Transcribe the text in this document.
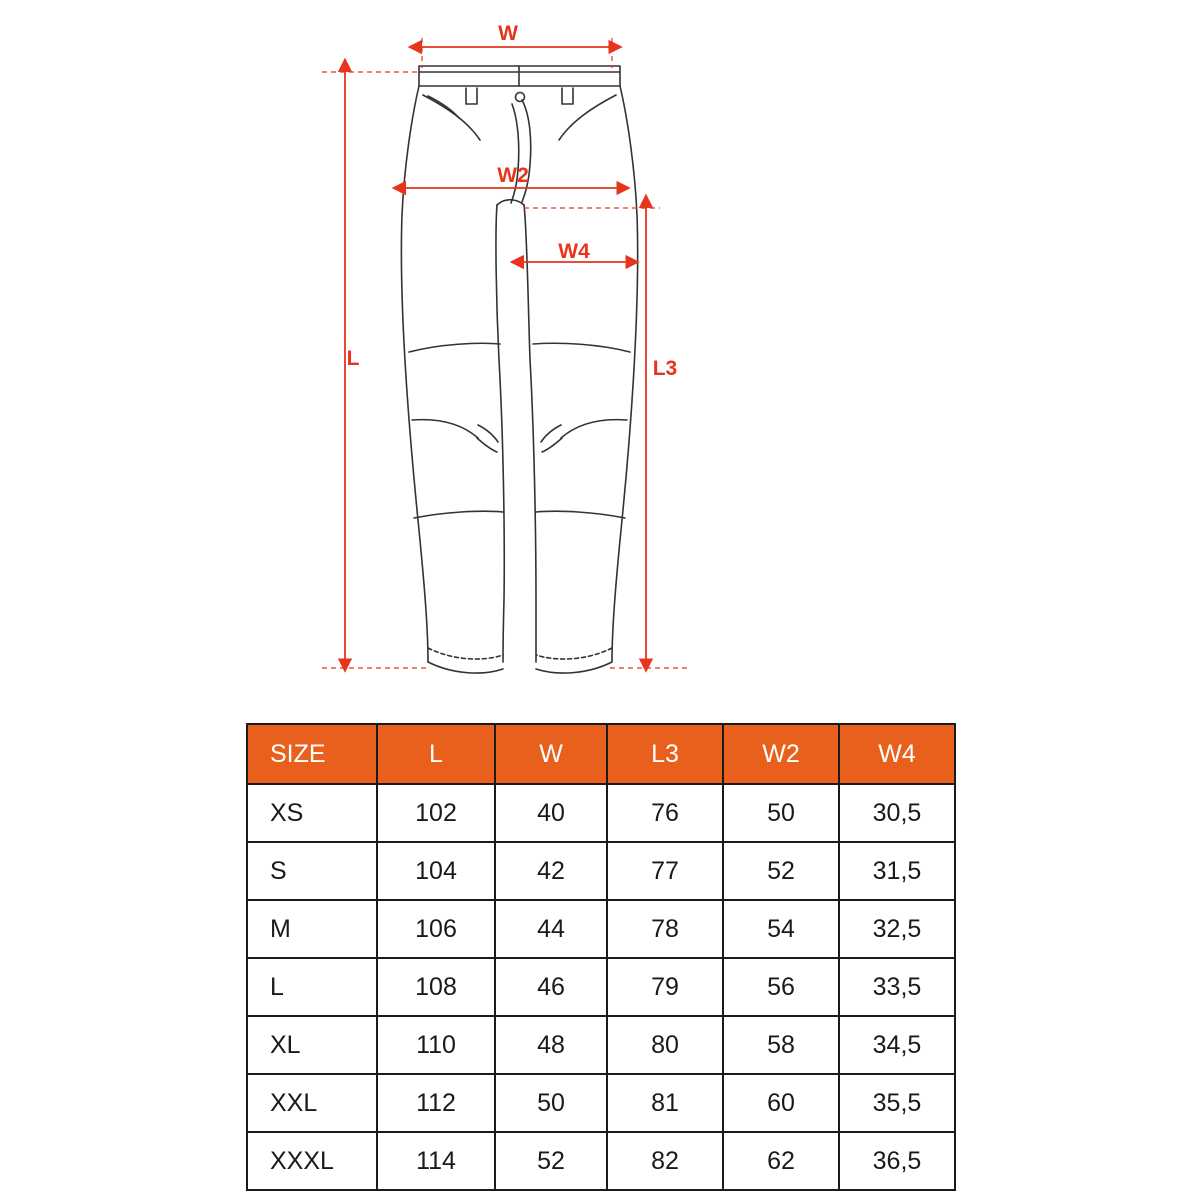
W
W2
W4
L	L3
SIZE	L	W	L3	W2	W4
XS	102	40	76	50	30,5
S	104	42	77	52	31,5
M	106	44	78	54	32,5
L	108	46	79	56	33,5
XL	110	48	80	58	34,5
XXL	112	50	81	60	35,5
XXXL	114	52	82	62	36,5
